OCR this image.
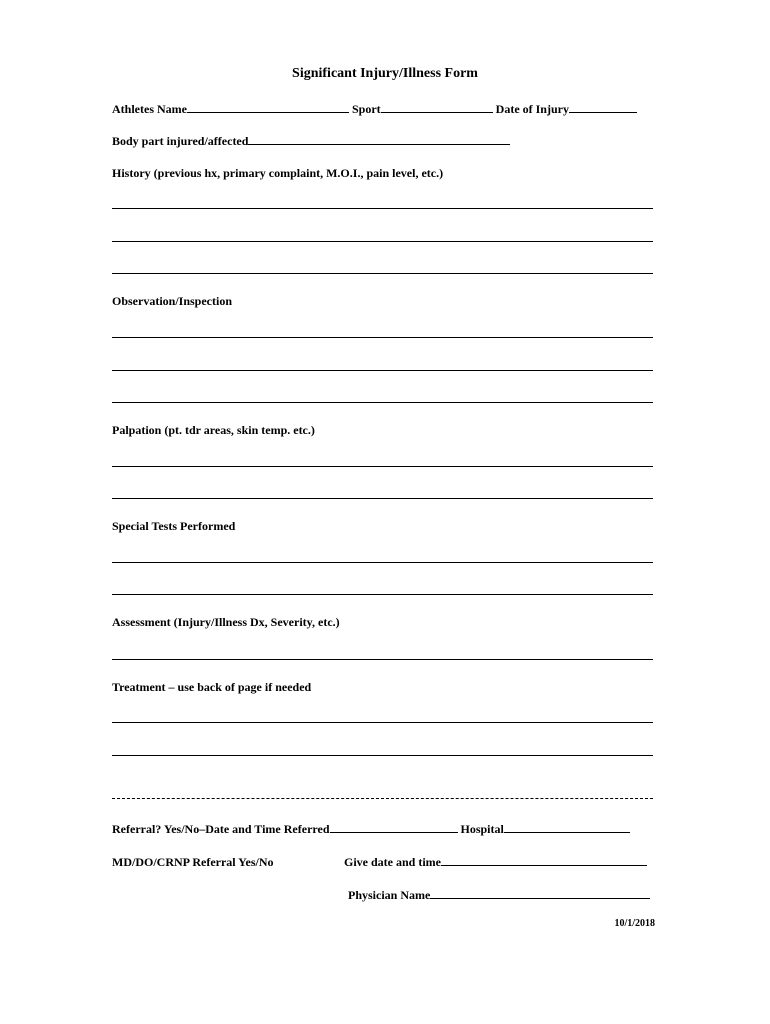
Significant Injury/Illness Form
Athletes Name	Sport	Date of Injury
Body part injured/affected
History (previous hx, primary complaint, M.O.I., pain level, etc.)
Observation/Inspection
Palpation (pt. tdr areas, skin temp. etc.)
Special Tests Performed
Assessment (Injury/Illness Dx, Severity, etc.)
Treatment – use back of page if needed
Referral? Yes/No–Date and Time Referred	Hospital
MD/DO/CRNP Referral Yes/No	Give date and time
Physician Name
10/1/2018
